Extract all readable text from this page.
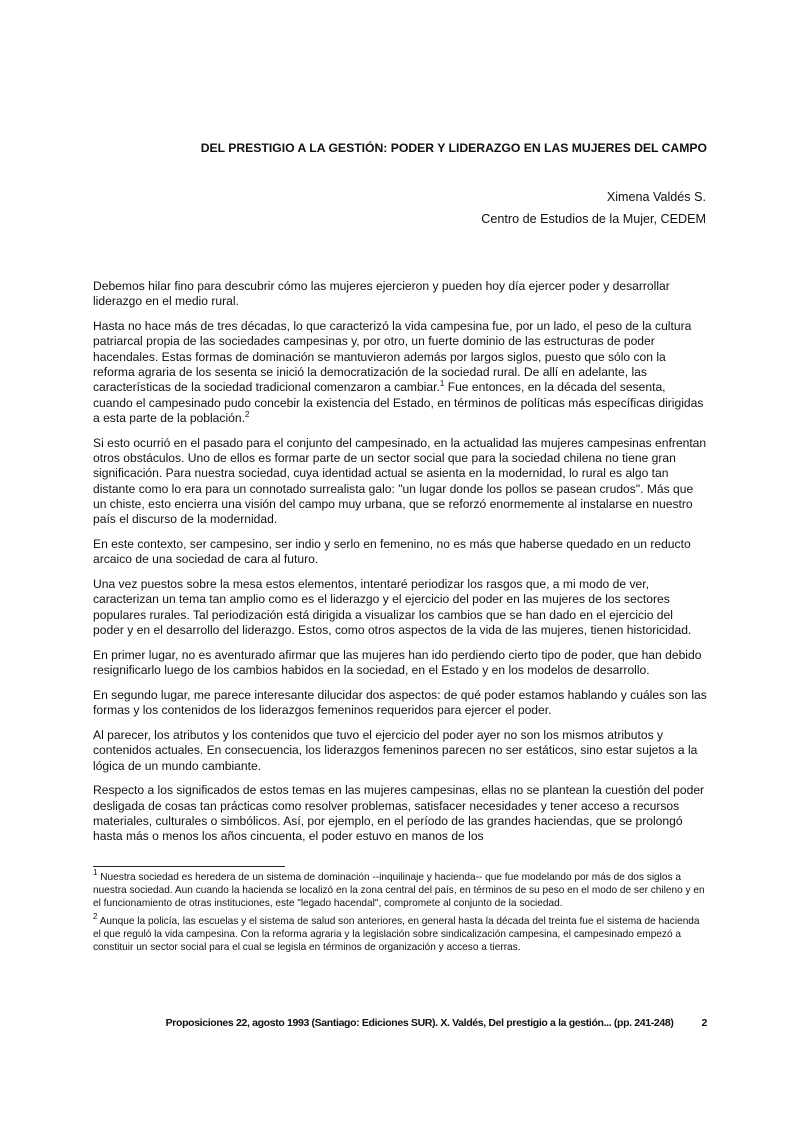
DEL PRESTIGIO A LA GESTIÓN: PODER Y LIDERAZGO EN LAS MUJERES DEL CAMPO
Ximena Valdés S.
Centro de Estudios de la Mujer, CEDEM

Debemos hilar fino para descubrir cómo las mujeres ejercieron y pueden hoy día ejercer poder y desarrollar liderazgo en el medio rural.

Hasta no hace más de tres décadas, lo que caracterizó la vida campesina fue, por un lado, el peso de la cultura patriarcal propia de las sociedades campesinas y, por otro, un fuerte dominio de las estructuras de poder hacendales. Estas formas de dominación se mantuvieron además por largos siglos, puesto que sólo con la reforma agraria de los sesenta se inició la democratización de la sociedad rural. De allí en adelante, las características de la sociedad tradicional comenzaron a cambiar.$^1$ Fue entonces, en la década del sesenta, cuando el campesinado pudo concebir la existencia del Estado, en términos de políticas más específicas dirigidas a esta parte de la población.$^2$

Si esto ocurrió en el pasado para el conjunto del campesinado, en la actualidad las mujeres campesinas enfrentan otros obstáculos. Uno de ellos es formar parte de un sector social que para la sociedad chilena no tiene gran significación. Para nuestra sociedad, cuya identidad actual se asienta en la modernidad, lo rural es algo tan distante como lo era para un connotado surrealista galo: "un lugar donde los pollos se pasean crudos". Más que un chiste, esto encierra una visión del campo muy urbana, que se reforzó enormemente al instalarse en nuestro país el discurso de la modernidad.

En este contexto, ser campesino, ser indio y serlo en femenino, no es más que haberse quedado en un reducto arcaico de una sociedad de cara al futuro.

Una vez puestos sobre la mesa estos elementos, intentaré periodizar los rasgos que, a mi modo de ver, caracterizan un tema tan amplio como es el liderazgo y el ejercicio del poder en las mujeres de los sectores populares rurales. Tal periodización está dirigida a visualizar los cambios que se han dado en el ejercicio del poder y en el desarrollo del liderazgo. Estos, como otros aspectos de la vida de las mujeres, tienen historicidad.

En primer lugar, no es aventurado afirmar que las mujeres han ido perdiendo cierto tipo de poder, que han debido resignificarlo luego de los cambios habidos en la sociedad, en el Estado y en los modelos de desarrollo.

En segundo lugar, me parece interesante dilucidar dos aspectos: de qué poder estamos hablando y cuáles son las formas y los contenidos de los liderazgos femeninos requeridos para ejercer el poder.

Al parecer, los atributos y los contenidos que tuvo el ejercicio del poder ayer no son los mismos atributos y contenidos actuales. En consecuencia, los liderazgos femeninos parecen no ser estáticos, sino estar sujetos a la lógica de un mundo cambiante.

Respecto a los significados de estos temas en las mujeres campesinas, ellas no se plantean la cuestión del poder desligada de cosas tan prácticas como resolver problemas, satisfacer necesidades y tener acceso a recursos materiales, culturales o simbólicos. Así, por ejemplo, en el período de las grandes haciendas, que se prolongó hasta más o menos los años cincuenta, el poder estuvo en manos de los

$^1$ Nuestra sociedad es heredera de un sistema de dominación --inquilinaje y hacienda-- que fue modelando por más de dos siglos a nuestra sociedad. Aun cuando la hacienda se localizó en la zona central del país, en términos de su peso en el modo de ser chileno y en el funcionamiento de otras instituciones, este "legado hacendal", compromete al conjunto de la sociedad.

$^2$ Aunque la policía, las escuelas y el sistema de salud son anteriores, en general hasta la década del treinta fue el sistema de hacienda el que reguló la vida campesina. Con la reforma agraria y la legislación sobre sindicalización campesina, el campesinado empezó a constituir un sector social para el cual se legisla en términos de organización y acceso a tierras.

Proposiciones 22, agosto 1993 (Santiago: Ediciones SUR). X. Valdés, Del prestigio a la gestión... (pp. 241-248)	2
